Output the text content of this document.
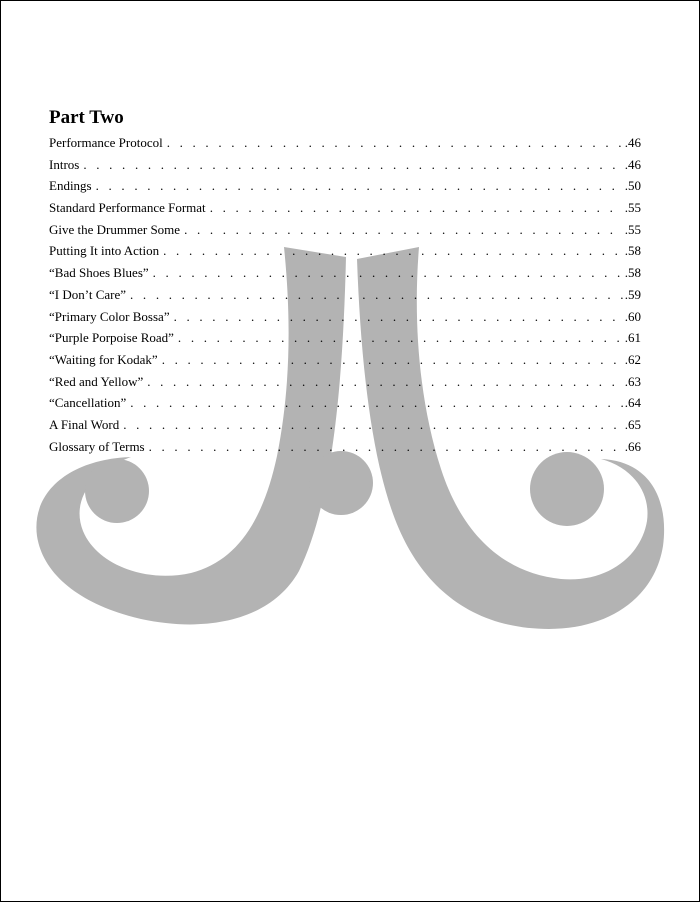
Part Two
Performance Protocol . . .	.46
Intros . . .	.46
Endings . . .	.50
Standard Performance Format . . .	.55
Give the Drummer Some . . .	.55
Putting It into Action . . .	.58
“Bad Shoes Blues” . . .	.58
“I Don’t Care” . . .	.59
“Primary Color Bossa” . . .	.60
“Purple Porpoise Road” . . .	.61
“Waiting for Kodak” . . .	.62
“Red and Yellow” . . .	.63
“Cancellation” . . .	.64
A Final Word . . .	.65
Glossary of Terms . . .	.66
